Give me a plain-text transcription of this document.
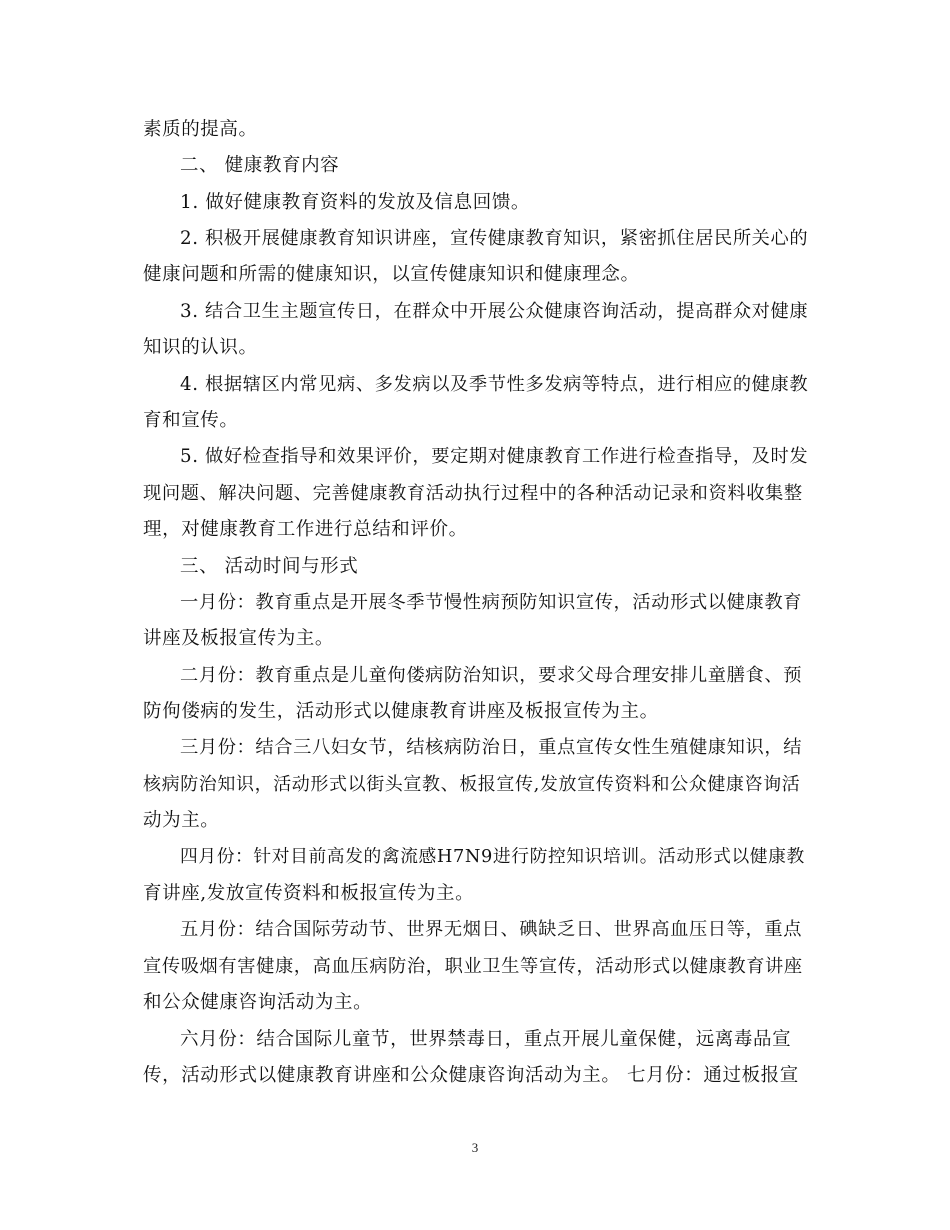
素质的提高。
二、 健康教育内容
1. 做好健康教育资料的发放及信息回馈。
2. 积极开展健康教育知识讲座，宣传健康教育知识，紧密抓住居民所关心的
健康问题和所需的健康知识，以宣传健康知识和健康理念。
3. 结合卫生主题宣传日，在群众中开展公众健康咨询活动，提高群众对健康
知识的认识。
4. 根据辖区内常见病、多发病以及季节性多发病等特点，进行相应的健康教
育和宣传。
5. 做好检查指导和效果评价，要定期对健康教育工作进行检查指导，及时发
现问题、解决问题、完善健康教育活动执行过程中的各种活动记录和资料收集整
理，对健康教育工作进行总结和评价。
三、 活动时间与形式
一月份：教育重点是开展冬季节慢性病预防知识宣传，活动形式以健康教育
讲座及板报宣传为主。
二月份：教育重点是儿童佝偻病防治知识，要求父母合理安排儿童膳食、预
防佝偻病的发生，活动形式以健康教育讲座及板报宣传为主。
三月份：结合三八妇女节，结核病防治日，重点宣传女性生殖健康知识，结
核病防治知识，活动形式以街头宣教、板报宣传,发放宣传资料和公众健康咨询活
动为主。
四月份：针对目前高发的禽流感H7N9进行防控知识培训。活动形式以健康教
育讲座,发放宣传资料和板报宣传为主。
五月份：结合国际劳动节、世界无烟日、碘缺乏日、世界高血压日等，重点
宣传吸烟有害健康，高血压病防治，职业卫生等宣传，活动形式以健康教育讲座
和公众健康咨询活动为主。
六月份：结合国际儿童节，世界禁毒日，重点开展儿童保健，远离毒品宣
传，活动形式以健康教育讲座和公众健康咨询活动为主。 七月份：通过板报宣
3
